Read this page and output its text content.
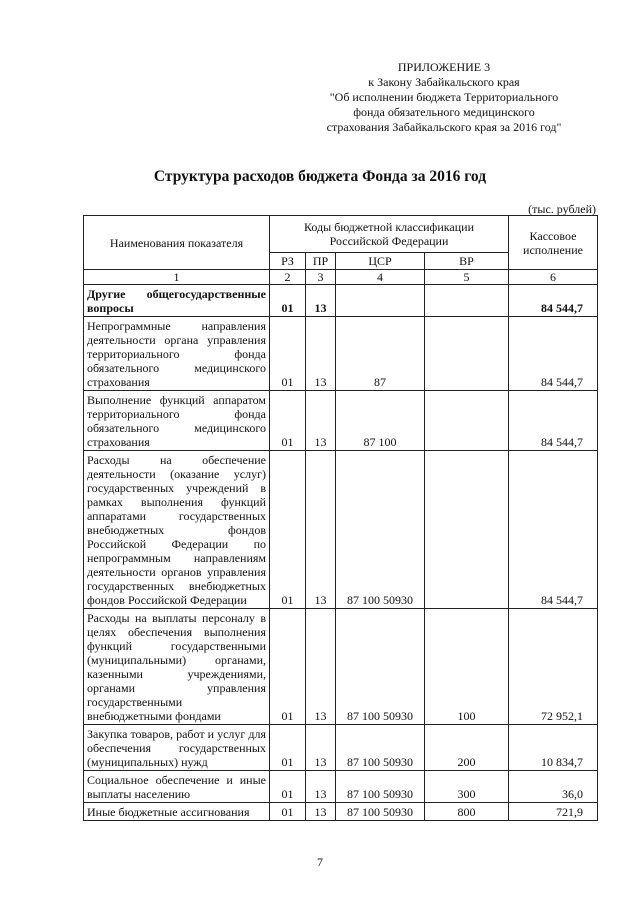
ПРИЛОЖЕНИЕ 3
к Закону Забайкальского края
"Об исполнении бюджета Территориального
фонда обязательного медицинского
страхования Забайкальского края за 2016 год"
Структура расходов бюджета Фонда за 2016 год
(тыс. рублей)
Наименования показателя	Коды бюджетной классификации Российской Федерации				Кассовое исполнение
	РЗ	ПР	ЦСР	ВР	
1	2	3	4	5	6
Другие общегосударственные вопросы	01	13			84 544,7
Непрограммные направления деятельности органа управления территориального фонда обязательного медицинского страхования	01	13	87		84 544,7
Выполнение функций аппаратом территориального фонда обязательного медицинского страхования	01	13	87 100		84 544,7
Расходы на обеспечение деятельности (оказание услуг) государственных учреждений в рамках выполнения функций аппаратами государственных внебюджетных фондов Российской Федерации по непрограммным направлениям деятельности органов управления государственных внебюджетных фондов Российской Федерации	01	13	87 100 50930		84 544,7
Расходы на выплаты персоналу в целях обеспечения выполнения функций государственными (муниципальными) органами, казенными учреждениями, органами управления государственными внебюджетными фондами	01	13	87 100 50930	100	72 952,1
Закупка товаров, работ и услуг для обеспечения государственных (муниципальных) нужд	01	13	87 100 50930	200	10 834,7
Социальное обеспечение и иные выплаты населению	01	13	87 100 50930	300	36,0
Иные бюджетные ассигнования	01	13	87 100 50930	800	721,9
7
